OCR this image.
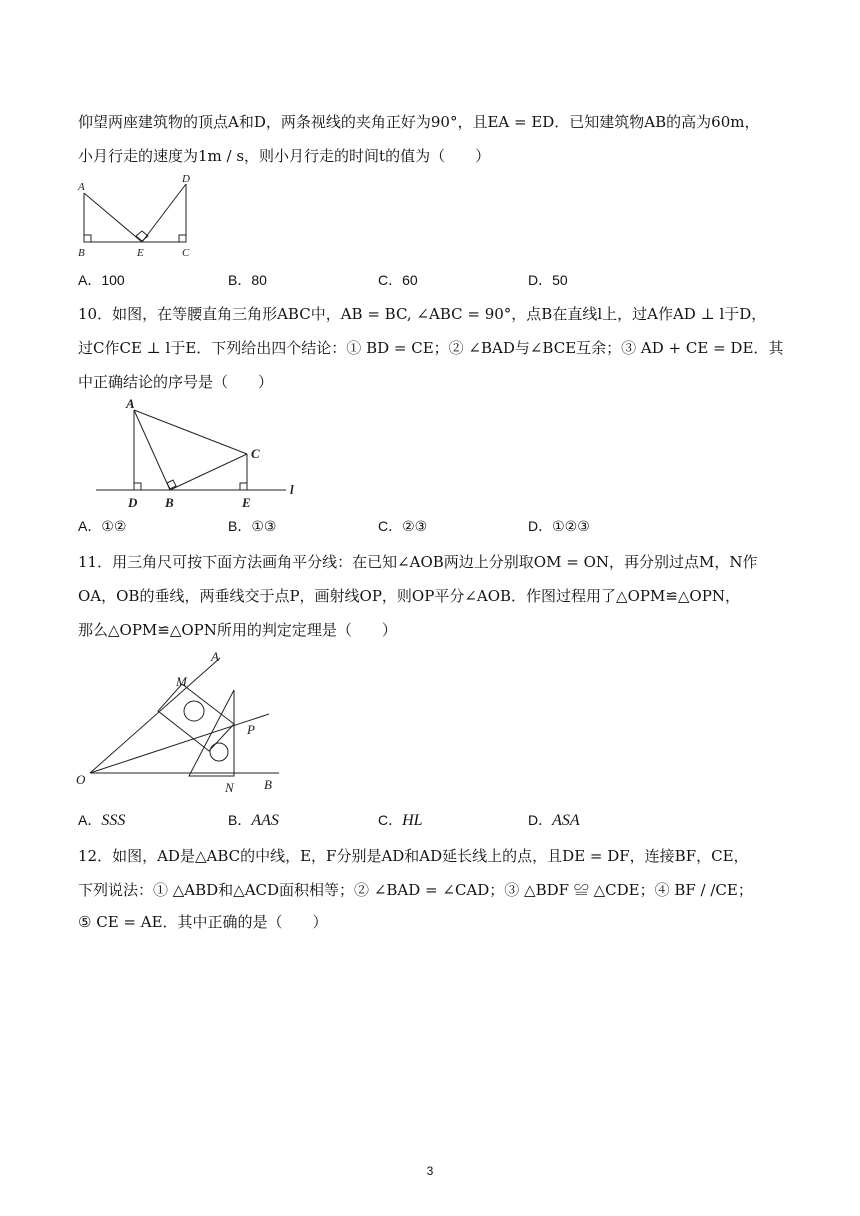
仰望两座建筑物的顶点A和D，两条视线的夹角正好为90°，且EA = ED．已知建筑物AB的高为60m，
小月行走的速度为1m / s，则小月行走的时间t的值为（　　）
A
D
B	E	C
A．100	B．80	C．60	D．50
10．如图，在等腰直角三角形ABC中，AB = BC, ∠ABC = 90°，点B在直线l上，过A作AD ⊥ l于D，
过C作CE ⊥ l于E．下列给出四个结论：① BD = CE；② ∠BAD与∠BCE互余；③ AD + CE = DE．其
中正确结论的序号是（　　）
A
C
D B	E
l
A．①②	B．①③	C．②③	D．①②③
11．用三角尺可按下面方法画角平分线：在已知∠AOB两边上分别取OM = ON，再分别过点M，N作
OA，OB的垂线，两垂线交于点P，画射线OP，则OP平分∠AOB．作图过程用了△OPM≌△OPN，
那么△OPM≌△OPN所用的判定定理是（　　）
A
M
P
O
N B
A．SSS	B．AAS	C．HL	D．ASA
12．如图，AD是△ABC的中线，E，F分别是AD和AD延长线上的点，且DE = DF，连接BF，CE，
下列说法：① △ABD和△ACD面积相等；② ∠BAD = ∠CAD；③ △BDF ≌ △CDE；④ BF / /CE；
⑤ CE = AE．其中正确的是（　　）
3
